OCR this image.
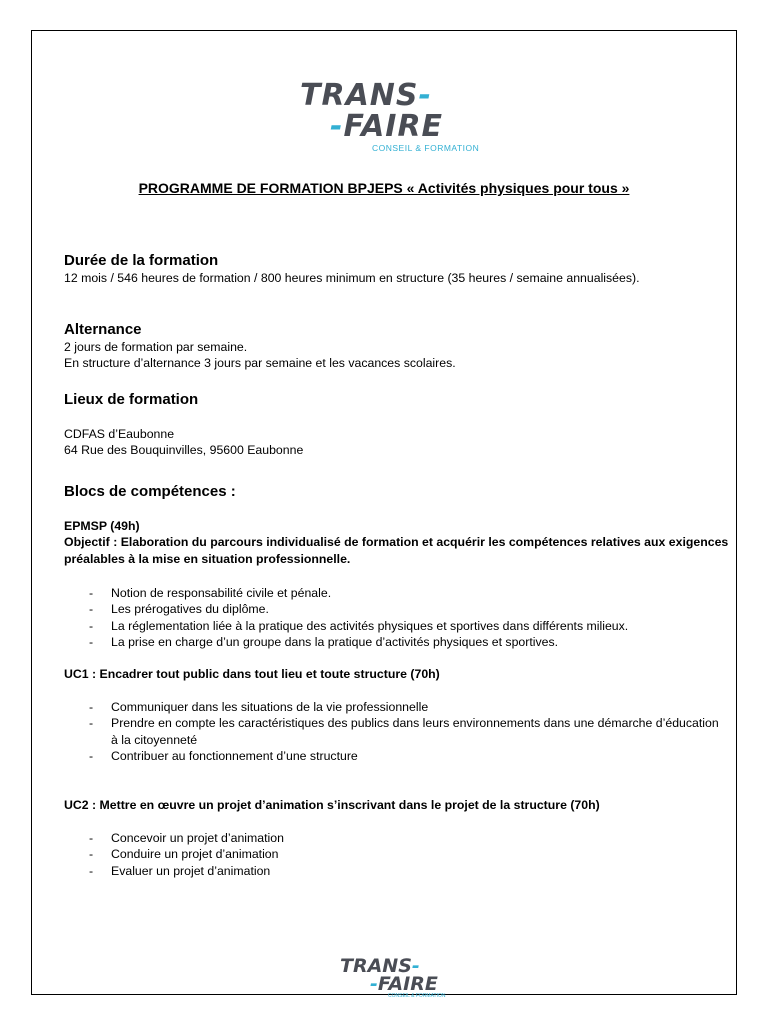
TRANS-
-FAIRE
CONSEIL & FORMATION
PROGRAMME DE FORMATION BPJEPS « Activités physiques pour tous »
Durée de la formation

12 mois / 546 heures de formation / 800 heures minimum en structure (35 heures / semaine annualisées).

Alternance

2 jours de formation par semaine.

En structure d’alternance 3 jours par semaine et les vacances scolaires.

Lieux de formation

CDFAS d’Eaubonne

64 Rue des Bouquinvilles, 95600 Eaubonne

Blocs de compétences :

EPMSP (49h)

Objectif : Elaboration du parcours individualisé de formation et acquérir les compétences relatives aux exigences préalables à la mise en situation professionnelle.

- Notion de responsabilité civile et pénale.
- Les prérogatives du diplôme.
- La réglementation liée à la pratique des activités physiques et sportives dans différents milieux.
- La prise en charge d’un groupe dans la pratique d’activités physiques et sportives.

UC1 : Encadrer tout public dans tout lieu et toute structure (70h)

- Communiquer dans les situations de la vie professionnelle
- Prendre en compte les caractéristiques des publics dans leurs environnements dans une démarche d’éducation à la citoyenneté
- Contribuer au fonctionnement d’une structure

UC2 : Mettre en œuvre un projet d’animation s’inscrivant dans le projet de la structure (70h)

- Concevoir un projet d’animation
- Conduire un projet d’animation
- Evaluer un projet d’animation
TRANS-
-FAIRE
CONSEIL & FORMATION
